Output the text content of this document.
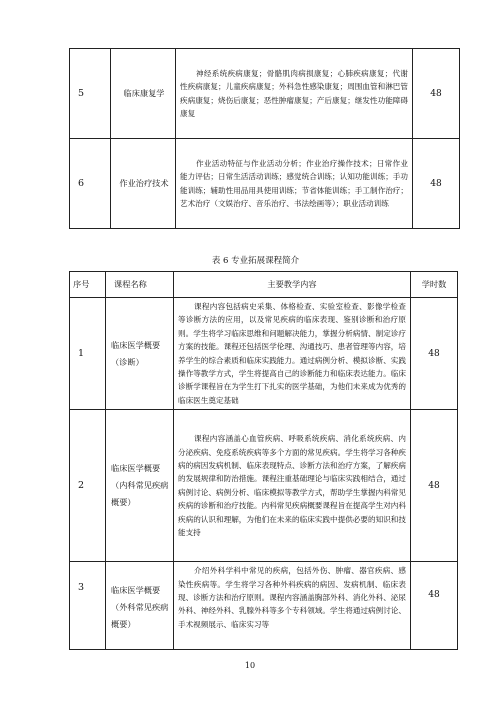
5	临床康复学	神经系统疾病康复；骨骼肌肉病损康复；心肺疾病康复；代谢性疾病康复；儿童疾病康复；外科急性感染康复；周围血管和淋巴管疾病康复；烧伤后康复；恶性肿瘤康复；产后康复；继发性功能障碍康复	48
6	作业治疗技术	作业活动特征与作业活动分析；作业治疗操作技术；日常作业能力评估；日常生活活动训练；感觉统合训练；认知功能训练；手功能训练；辅助性用品用具使用训练；节省体能训练；手工制作治疗；艺术治疗（文娱治疗、音乐治疗、书法绘画等）；职业活动训练	48
表 6 专业拓展课程简介
序号	课程名称	主要教学内容	学时数
1	临床医学概要（诊断）	课程内容包括病史采集、体格检查、实验室检查、影像学检查等诊断方法的应用，以及常见疾病的临床表现、鉴别诊断和治疗原则。学生将学习临床思维和问题解决能力，掌握分析病情、制定诊疗方案的技能。课程还包括医学伦理、沟通技巧、患者管理等内容，培养学生的综合素质和临床实践能力。通过病例分析、模拟诊断、实践操作等教学方式，学生将提高自己的诊断能力和临床表达能力。临床诊断学课程旨在为学生打下扎实的医学基础，为他们未来成为优秀的临床医生奠定基础	48
2	临床医学概要（内科常见疾病概要）	课程内容涵盖心血管疾病、呼吸系统疾病、消化系统疾病、内分泌疾病、免疫系统疾病等多个方面的常见疾病。学生将学习各种疾病的病因发病机制、临床表现特点、诊断方法和治疗方案，了解疾病的发展规律和防治措施。课程注重基础理论与临床实践相结合，通过病例讨论、病例分析、临床模拟等教学方式，帮助学生掌握内科常见疾病的诊断和治疗技能。内科常见疾病概要课程旨在提高学生对内科疾病的认识和理解，为他们在未来的临床实践中提供必要的知识和技能支持	48
3	临床医学概要（外科常见疾病概要）	介绍外科学科中常见的疾病，包括外伤、肿瘤、器官疾病、感染性疾病等。学生将学习各种外科疾病的病因、发病机制、临床表现、诊断方法和治疗原则。课程内容涵盖胸部外科、消化外科、泌尿外科、神经外科、乳腺外科等多个专科领域。学生将通过病例讨论、手术视频展示、临床实习等	48
10
